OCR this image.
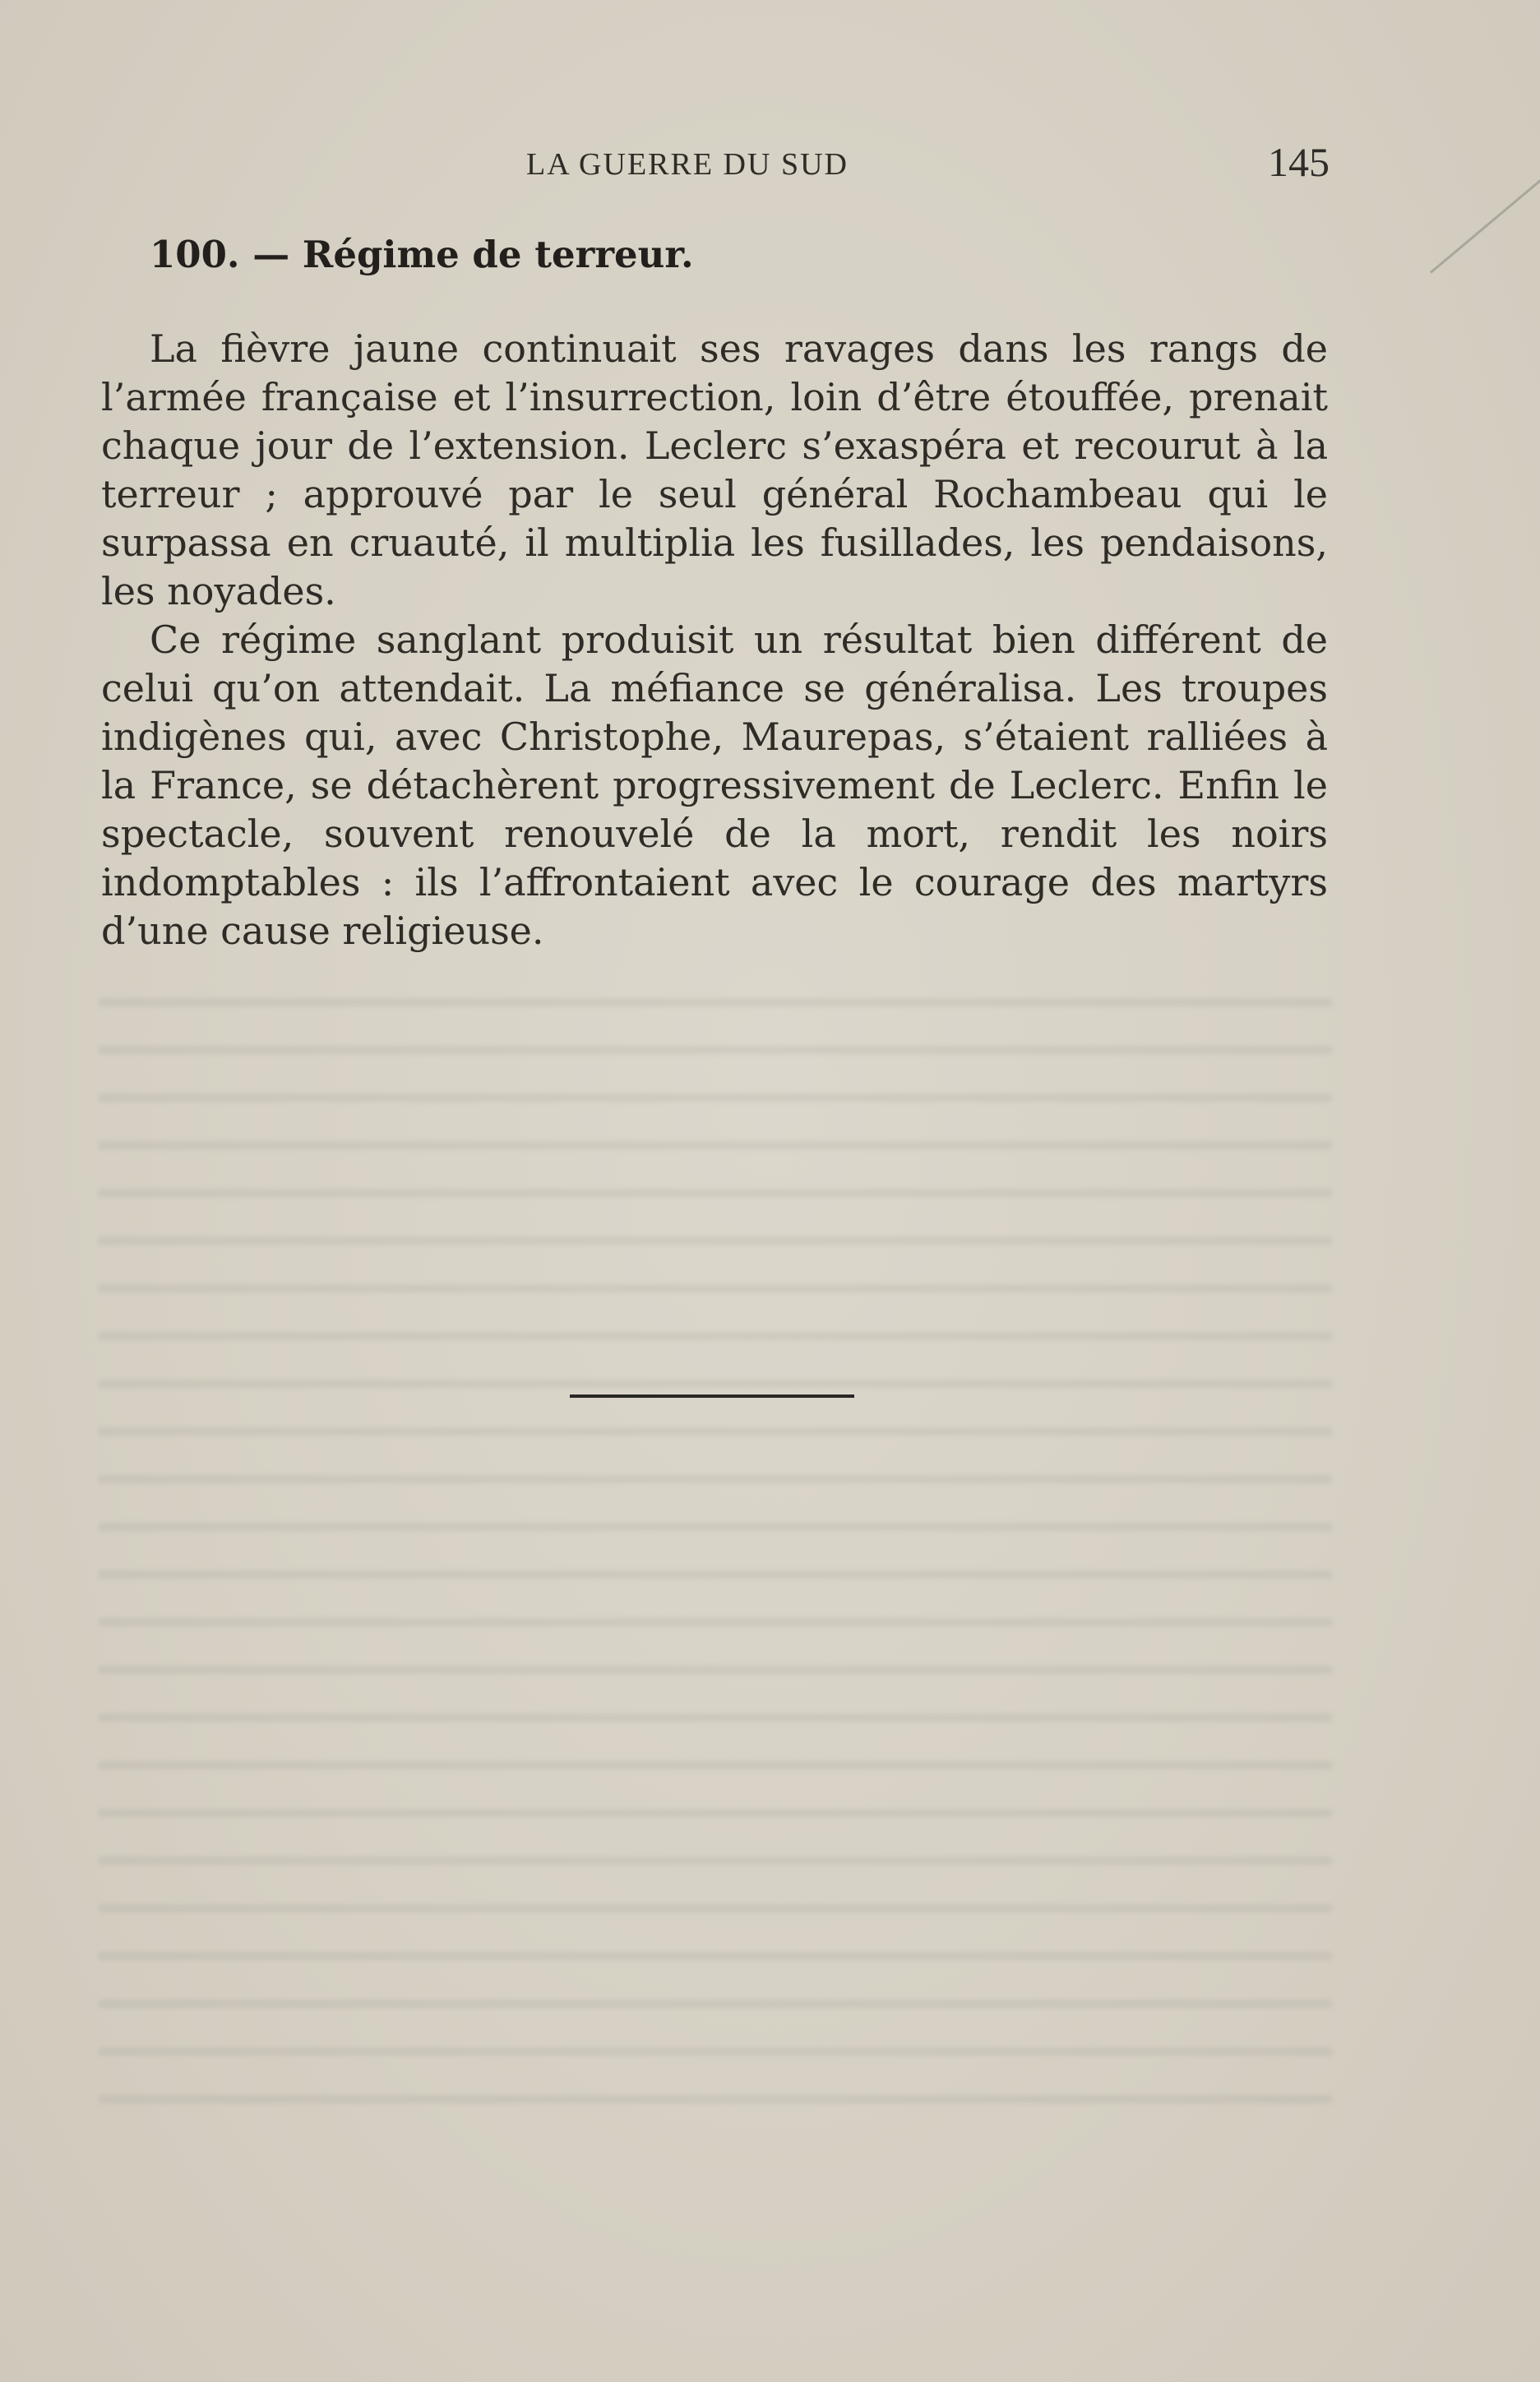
LA GUERRE DU SUD	145
100. — Régime de terreur.

La fièvre jaune continuait ses ravages dans les rangs de l’armée française et l’insurrection, loin d’être étouffée, prenait chaque jour de l’extension. Leclerc s’exaspéra et recourut à la terreur ; approuvé par le seul général Rochambeau qui le surpassa en cruauté, il multiplia les fusillades, les pendaisons, les noyades.

Ce régime sanglant produisit un résultat bien différent de celui qu’on attendait. La méfiance se généralisa. Les troupes indigènes qui, avec Christophe, Maurepas, s’étaient ralliées à la France, se détachèrent progressivement de Leclerc. Enfin le spectacle, souvent renouvelé de la mort, rendit les noirs indomptables : ils l’affrontaient avec le courage des martyrs d’une cause religieuse.
